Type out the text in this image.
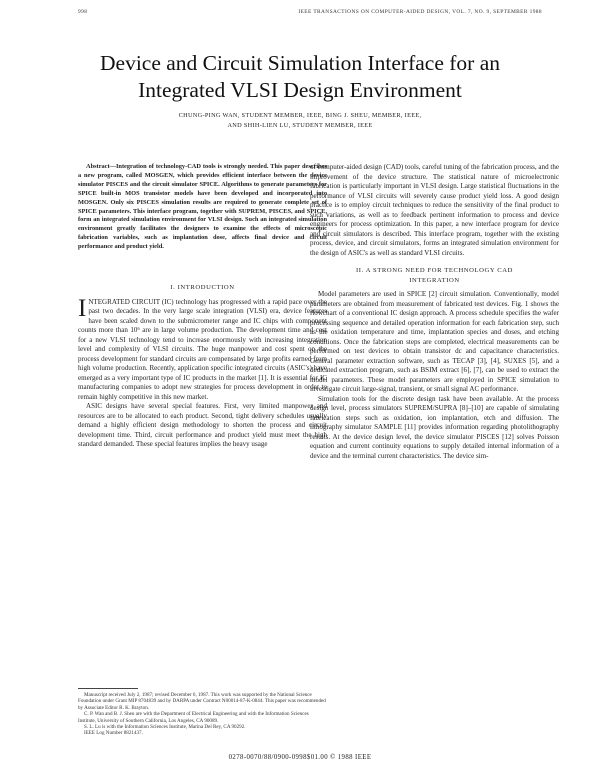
998	IEEE TRANSACTIONS ON COMPUTER-AIDED DESIGN, VOL. 7, NO. 9, SEPTEMBER 1988
Device and Circuit Simulation Interface for an
Integrated VLSI Design Environment
CHUNG-PING WAN, STUDENT MEMBER, IEEE, BING J. SHEU, MEMBER, IEEE,
AND SHIH-LIEN LU, STUDENT MEMBER, IEEE

Abstract—Integration of technology-CAD tools is strongly needed. This paper describes a new program, called MOSGEN, which provides efficient interface between the device simulator PISCES and the circuit simulator SPICE. Algorithms to generate parameters for SPICE built-in MOS transistor models have been developed and incorporated into MOSGEN. Only six PISCES simulation results are required to generate complete set of SPICE parameters. This interface program, together with SUPREM, PISCES, and SPICE, form an integrated simulation environment for VLSI design. Such an integrated simulation environment greatly facilitates the designers to examine the effects of microscopic fabrication variables, such as implantation dose, affects final device and circuit performance and product yield.

I. INTRODUCTION

INTEGRATED CIRCUIT (IC) technology has progressed with a rapid pace over the past two decades. In the very large scale integration (VLSI) era, device features have been scaled down to the submicrometer range and IC chips with component counts more than 10⁶ are in large volume production. The development time and cost for a new VLSI technology tend to increase enormously with increasing integration level and complexity of VLSI circuits. The huge manpower and cost spent on the process development for standard circuits are compensated by large profits earned from high volume production. Recently, application specific integrated circuits (ASIC's) have emerged as a very important type of IC products in the market [1]. It is essential for IC manufacturing companies to adopt new strategies for process development in order to remain highly competitive in this new market.

ASIC designs have several special features. First, very limited manpower and resources are to be allocated to each product. Second, tight delivery schedules usually demand a highly efficient design methodology to shorten the process and circuit development time. Third, circuit performance and product yield must meet the high standard demanded. These special features implies the heavy usage

of computer-aided design (CAD) tools, careful tuning of the fabrication process, and the improvement of the device structure. The statistical nature of microelectronic fabrication is particularly important in VLSI design. Large statistical fluctuations in the performance of VLSI circuits will severely cause product yield loss. A good design practice is to employ circuit techniques to reduce the sensitivity of the final product to such variations, as well as to feedback pertinent information to process and device engineers for process optimization. In this paper, a new interface program for device and circuit simulators is described. This interface program, together with the existing process, device, and circuit simulators, forms an integrated simulation environment for the design of ASIC's as well as standard VLSI circuits.

II. A STRONG NEED FOR TECHNOLOGY CAD
INTEGRATION

Model parameters are used in SPICE [2] circuit simulation. Conventionally, model parameters are obtained from measurement of fabricated test devices. Fig. 1 shows the flowchart of a conventional IC design approach. A process schedule specifies the wafer processing sequence and detailed operation information for each fabrication step, such as the oxidation temperature and time, implantation species and doses, and etching conditions. Once the fabrication steps are completed, electrical measurements can be performed on test devices to obtain transistor dc and capacitance characteristics. General parameter extraction software, such as TECAP [3], [4], SUXES [5], and a dedicated extraction program, such as BSIM extract [6], [7], can be used to extract the model parameters. These model parameters are employed in SPICE simulation to investigate circuit large-signal, transient, or small signal AC performance.

Simulation tools for the discrete design task have been available. At the process design level, process simulators SUPREM/SUPRA [8]–[10] are capable of simulating fabrication steps such as oxidation, ion implantation, etch and diffusion. The lithography simulator SAMPLE [11] provides information regarding photolithography results. At the device design level, the device simulator PISCES [12] solves Poisson equation and current continuity equations to supply detailed internal information of a device and the terminal current characteristics. The device sim-

Manuscript received July 2, 1987; revised December 6, 1987. This work was supported by the National Science Foundation under Grant MIP 8704839 and by DARPA under Contract N00014-87-K-0844. This paper was recommended by Associate Editor R. K. Brayton.

C. P. Wan and B. J. Sheu are with the Department of Electrical Engineering and with the Information Sciences Institute, University of Southern California, Los Angeles, CA 90089.

S. L. Lu is with the Information Sciences Institute, Marina Del Rey, CA 90292.

IEEE Log Number 8821437.

0278-0070/88/0900-0998$01.00 © 1988 IEEE
